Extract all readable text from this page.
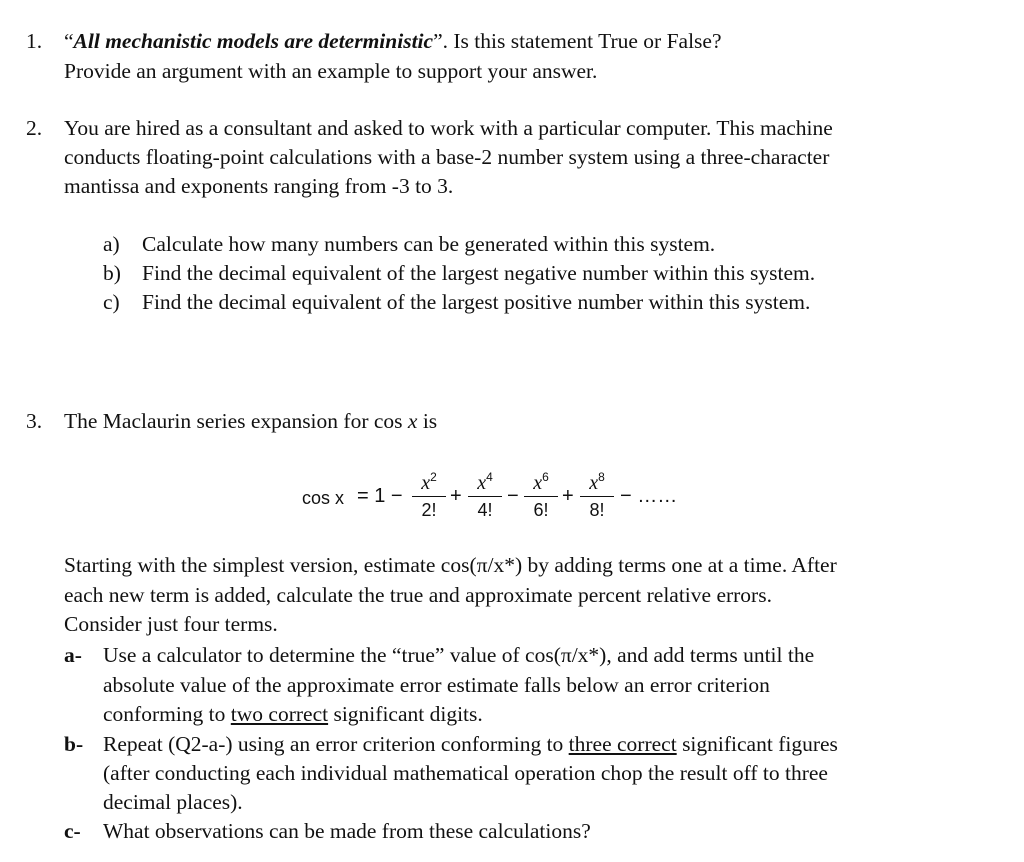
1.	“All mechanistic models are deterministic”. Is this statement True or False?
Provide an argument with an example to support your answer.
2.	You are hired as a consultant and asked to work with a particular computer. This machine
conducts floating-point calculations with a base-2 number system using a three-character
mantissa and exponents ranging from -3 to 3.
a) Calculate how many numbers can be generated within this system.
b) Find the decimal equivalent of the largest negative number within this system.
c) Find the decimal equivalent of the largest positive number within this system.
3.	The Maclaurin series expansion for cos x is
cos x = 1 −
$x^2$
2!
+
$x^4$
4!
−
$x^6$
6!
+
$x^8$
8!
− ……
Starting with the simplest version, estimate cos(π/x*) by adding terms one at a time. After
each new term is added, calculate the true and approximate percent relative errors.
Consider just four terms.
a- Use a calculator to determine the “true” value of cos(π/x*), and add terms until the
absolute value of the approximate error estimate falls below an error criterion
conforming to two correct significant digits.
b- Repeat (Q2-a-) using an error criterion conforming to three correct significant figures
(after conducting each individual mathematical operation chop the result off to three
decimal places).
c- What observations can be made from these calculations?
